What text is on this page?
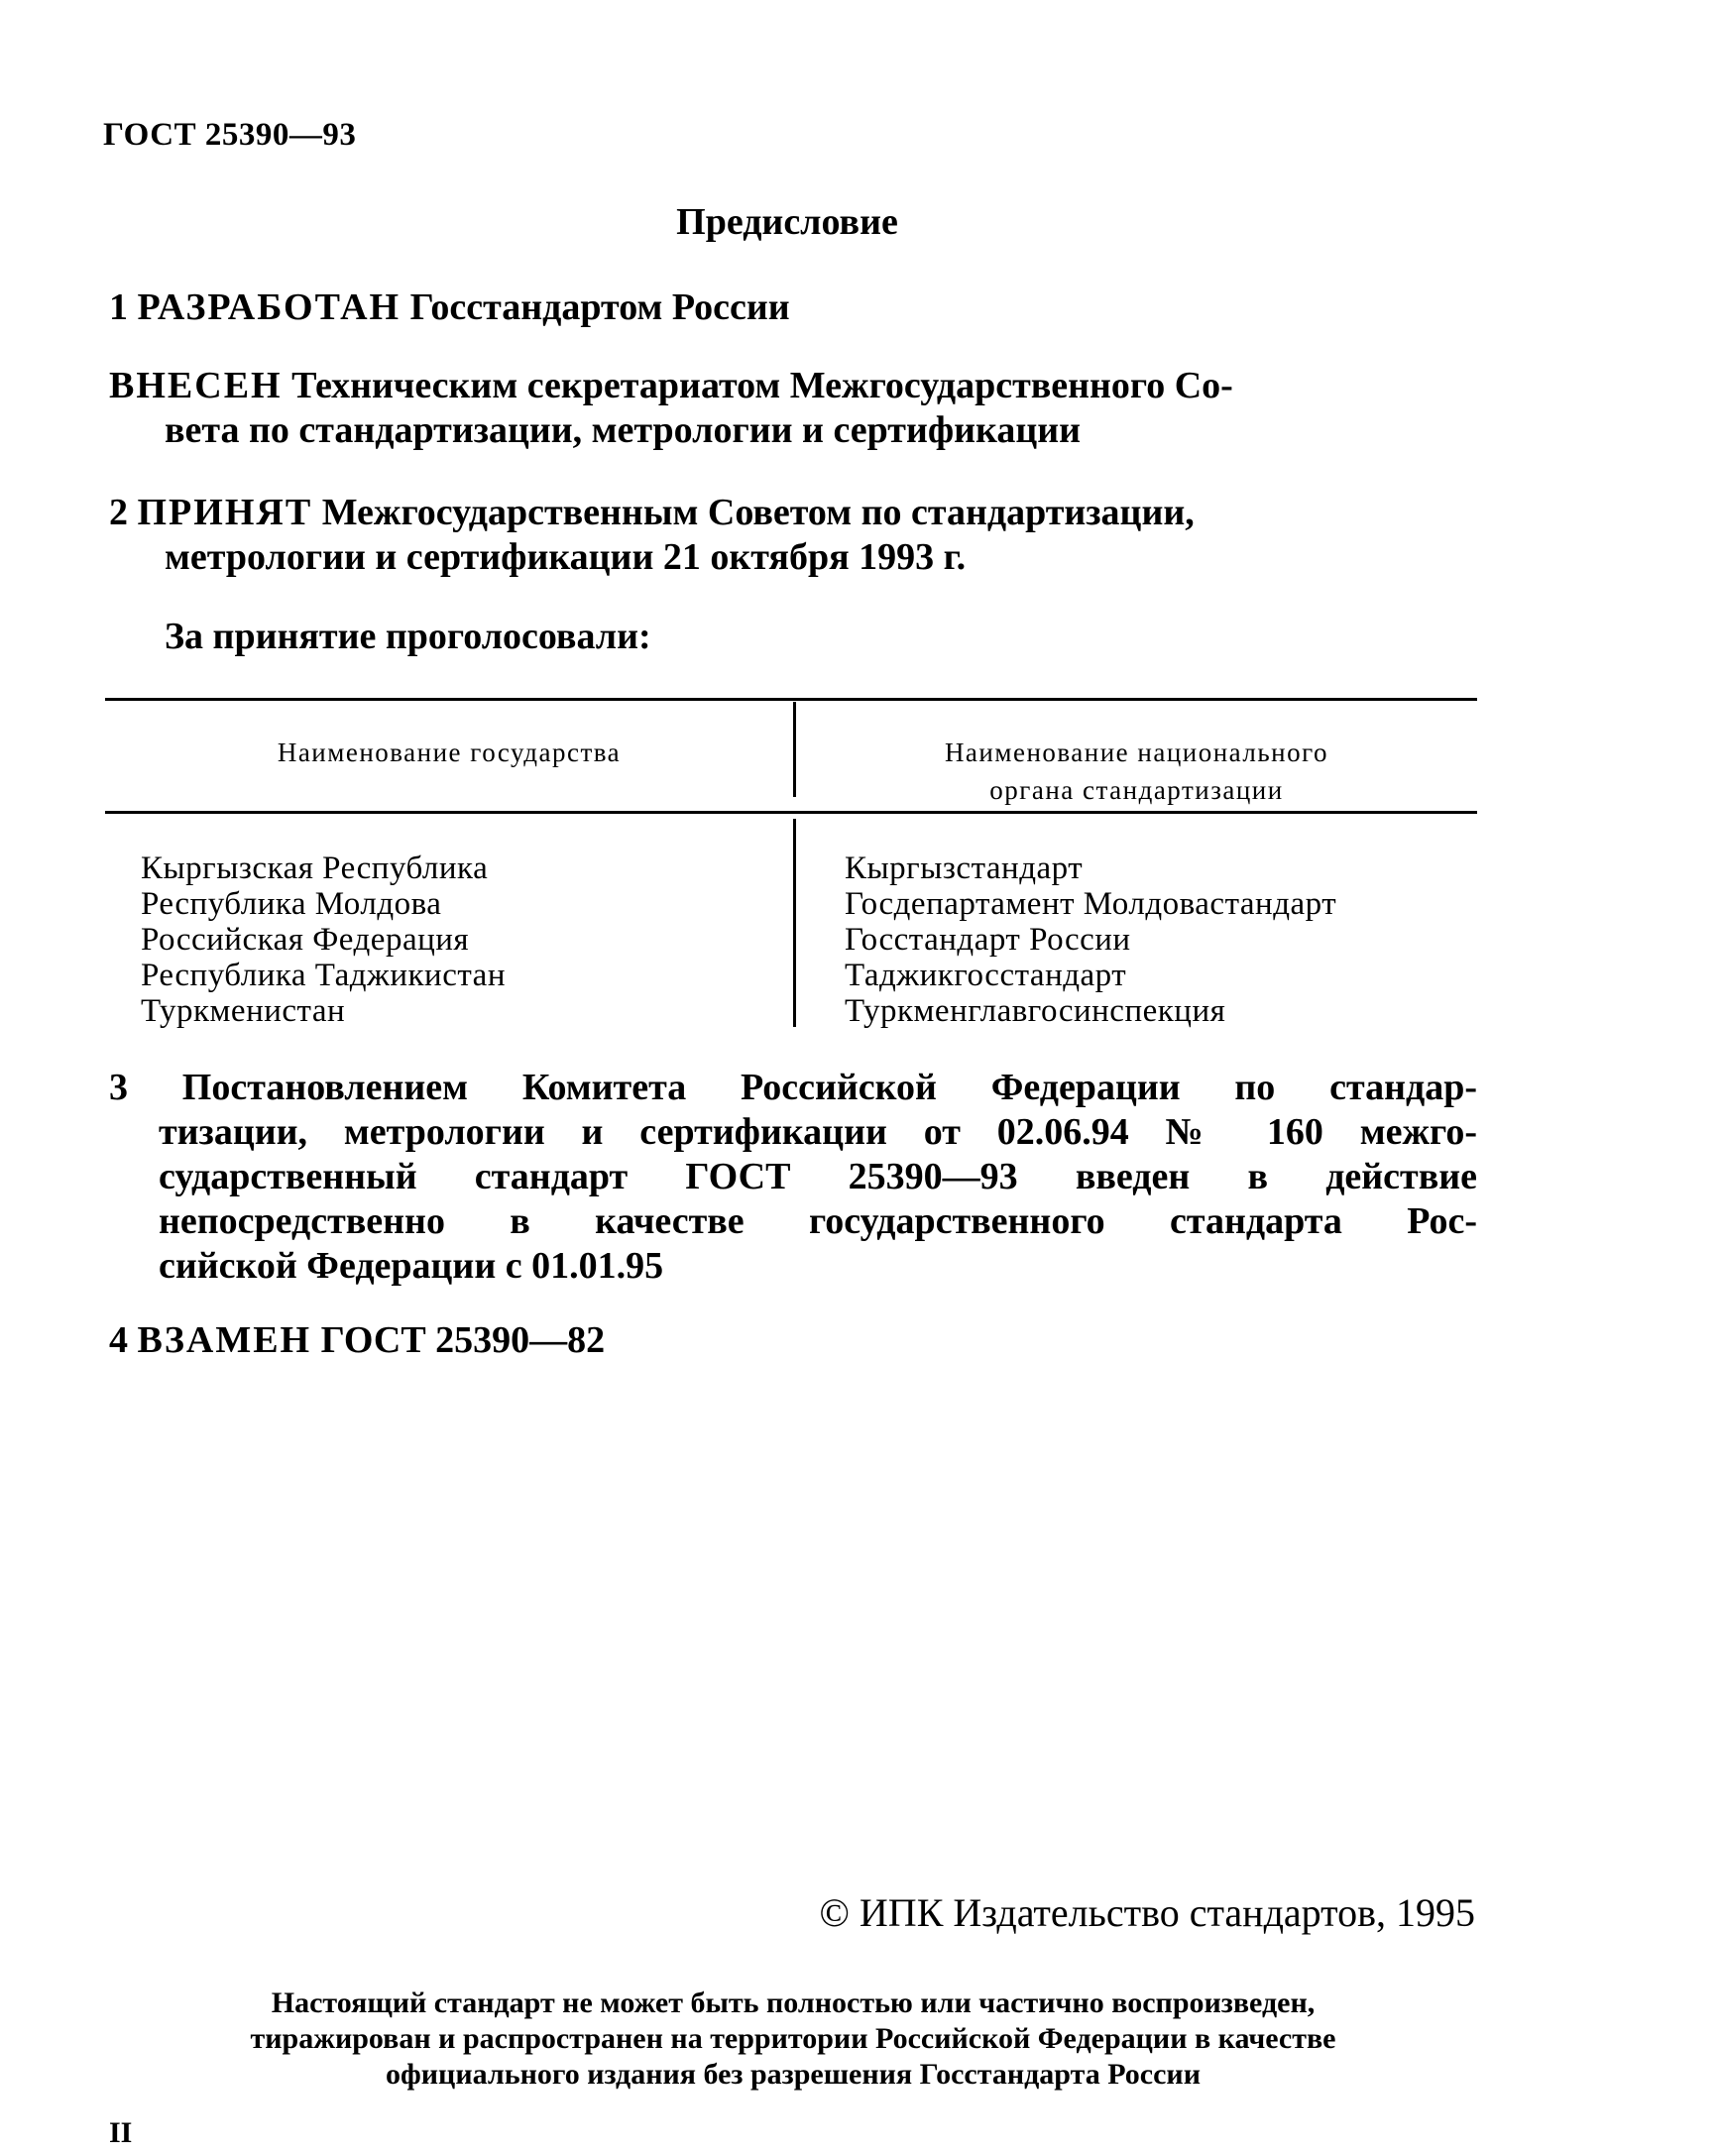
ГОСТ 25390—93
Предисловие
1 РАЗРАБОТАН Госстандартом России
ВНЕСЕН Техническим секретариатом Межгосударственного Со-
вета по стандартизации, метрологии и сертификации
2 ПРИНЯТ Межгосударственным Советом по стандартизации,
метрологии и сертификации 21 октября 1993 г.
За принятие проголосовали:
Наименование государства	Наименование национального
органа стандартизации
Кыргызская Республика
Республика Молдова
Российская Федерация
Республика Таджикистан
Туркменистан
Кыргызстандарт
Госдепартамент Молдовастандарт
Госстандарт России
Таджикгосстандарт
Туркменглавгосинспекция
3 Постановлением Комитета Российской Федерации по стандар-
тизации, метрологии и сертификации от 02.06.94 № 160 межго-
сударственный стандарт ГОСТ 25390—93 введен в действие
непосредственно в качестве государственного стандарта Рос-
сийской Федерации с 01.01.95
4 ВЗАМЕН ГОСТ 25390—82
© ИПК Издательство стандартов, 1995
Настоящий стандарт не может быть полностью или частично воспроизведен,
тиражирован и распространен на территории Российской Федерации в качестве
официального издания без разрешения Госстандарта России
II
